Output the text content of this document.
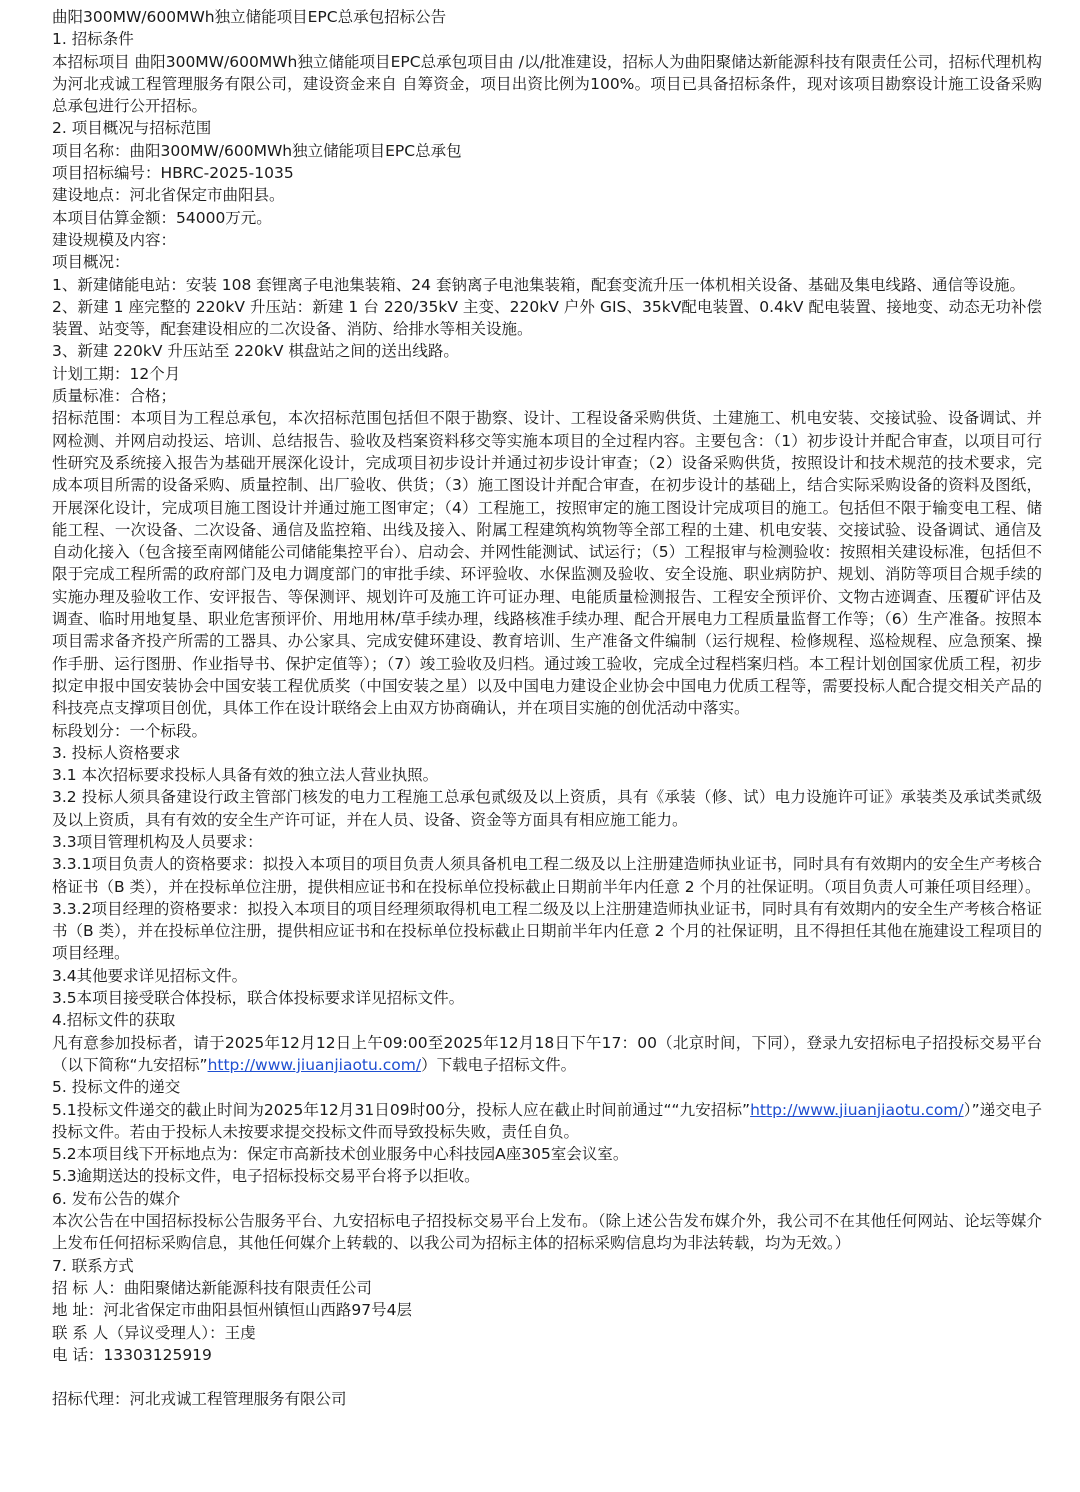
曲阳300MW/600MWh独立储能项目EPC总承包招标公告

1. 招标条件

本招标项目 曲阳300MW/600MWh独立储能项目EPC总承包项目由 /以/批准建设，招标人为曲阳聚储达新能源科技有限责任公司，招标代理机构为河北戎诚工程管理服务有限公司，建设资金来自 自筹资金，项目出资比例为100%。项目已具备招标条件，现对该项目勘察设计施工设备采购总承包进行公开招标。

2. 项目概况与招标范围

项目名称：曲阳300MW/600MWh独立储能项目EPC总承包

项目招标编号：HBRC-2025-1035

建设地点：河北省保定市曲阳县。

本项目估算金额：54000万元。

建设规模及内容：

项目概况：

1、新建储能电站：安装 108 套锂离子电池集装箱、24 套钠离子电池集装箱，配套变流升压一体机相关设备、基础及集电线路、通信等设施。

2、新建 1 座完整的 220kV 升压站：新建 1 台 220/35kV 主变、220kV 户外 GIS、35kV配电装置、0.4kV 配电装置、接地变、动态无功补偿装置、站变等，配套建设相应的二次设备、消防、给排水等相关设施。

3、新建 220kV 升压站至 220kV 棋盘站之间的送出线路。

计划工期：12个月

质量标准：合格；

招标范围：本项目为工程总承包，本次招标范围包括但不限于勘察、设计、工程设备采购供货、土建施工、机电安装、交接试验、设备调试、并网检测、并网启动投运、培训、总结报告、验收及档案资料移交等实施本项目的全过程内容。主要包含：（1）初步设计并配合审查，以项目可行性研究及系统接入报告为基础开展深化设计，完成项目初步设计并通过初步设计审查；（2）设备采购供货，按照设计和技术规范的技术要求，完成本项目所需的设备采购、质量控制、出厂验收、供货；（3）施工图设计并配合审查，在初步设计的基础上，结合实际采购设备的资料及图纸，开展深化设计，完成项目施工图设计并通过施工图审定；（4）工程施工，按照审定的施工图设计完成项目的施工。包括但不限于输变电工程、储能工程、一次设备、二次设备、通信及监控箱、出线及接入、附属工程建筑构筑物等全部工程的土建、机电安装、交接试验、设备调试、通信及自动化接入（包含接至南网储能公司储能集控平台）、启动会、并网性能测试、试运行；（5）工程报审与检测验收：按照相关建设标准，包括但不限于完成工程所需的政府部门及电力调度部门的审批手续、环评验收、水保监测及验收、安全设施、职业病防护、规划、消防等项目合规手续的实施办理及验收工作、安评报告、等保测评、规划许可及施工许可证办理、电能质量检测报告、工程安全预评价、文物古迹调查、压覆矿评估及调查、临时用地复垦、职业危害预评价、用地用林/草手续办理，线路核准手续办理、配合开展电力工程质量监督工作等；（6）生产准备。按照本项目需求备齐投产所需的工器具、办公家具、完成安健环建设、教育培训、生产准备文件编制（运行规程、检修规程、巡检规程、应急预案、操作手册、运行图册、作业指导书、保护定值等）；（7）竣工验收及归档。通过竣工验收，完成全过程档案归档。本工程计划创国家优质工程，初步拟定申报中国安装协会中国安装工程优质奖（中国安装之星）以及中国电力建设企业协会中国电力优质工程等，需要投标人配合提交相关产品的科技亮点支撑项目创优，具体工作在设计联络会上由双方协商确认，并在项目实施的创优活动中落实。

标段划分：一个标段。

3. 投标人资格要求

3.1 本次招标要求投标人具备有效的独立法人营业执照。

3.2 投标人须具备建设行政主管部门核发的电力工程施工总承包贰级及以上资质，具有《承装（修、试）电力设施许可证》承装类及承试类贰级及以上资质，具有有效的安全生产许可证，并在人员、设备、资金等方面具有相应施工能力。

3.3项目管理机构及人员要求：

3.3.1项目负责人的资格要求：拟投入本项目的项目负责人须具备机电工程二级及以上注册建造师执业证书，同时具有有效期内的安全生产考核合格证书（B 类），并在投标单位注册，提供相应证书和在投标单位投标截止日期前半年内任意 2 个月的社保证明。（项目负责人可兼任项目经理）。

3.3.2项目经理的资格要求：拟投入本项目的项目经理须取得机电工程二级及以上注册建造师执业证书，同时具有有效期内的安全生产考核合格证书（B 类），并在投标单位注册，提供相应证书和在投标单位投标截止日期前半年内任意 2 个月的社保证明，且不得担任其他在施建设工程项目的项目经理。

3.4其他要求详见招标文件。

3.5本项目接受联合体投标，联合体投标要求详见招标文件。

4.招标文件的获取

凡有意参加投标者，请于2025年12月12日上午09:00至2025年12月18日下午17：00（北京时间，下同），登录九安招标电子招投标交易平台（以下简称“九安招标”http://www.jiuanjiaotu.com/）下载电子招标文件。

5. 投标文件的递交

5.1投标文件递交的截止时间为2025年12月31日09时00分，投标人应在截止时间前通过““九安招标”http://www.jiuanjiaotu.com/）”递交电子投标文件。若由于投标人未按要求提交投标文件而导致投标失败，责任自负。

5.2本项目线下开标地点为：保定市高新技术创业服务中心科技园A座305室会议室。

5.3逾期送达的投标文件，电子招标投标交易平台将予以拒收。

6. 发布公告的媒介

本次公告在中国招标投标公告服务平台、九安招标电子招投标交易平台上发布。（除上述公告发布媒介外，我公司不在其他任何网站、论坛等媒介上发布任何招标采购信息，其他任何媒介上转载的、以我公司为招标主体的招标采购信息均为非法转载，均为无效。）

7. 联系方式

招 标 人：曲阳聚储达新能源科技有限责任公司

地 址：河北省保定市曲阳县恒州镇恒山西路97号4层

联 系 人（异议受理人）：王虔

电 话：13303125919

招标代理：河北戎诚工程管理服务有限公司
